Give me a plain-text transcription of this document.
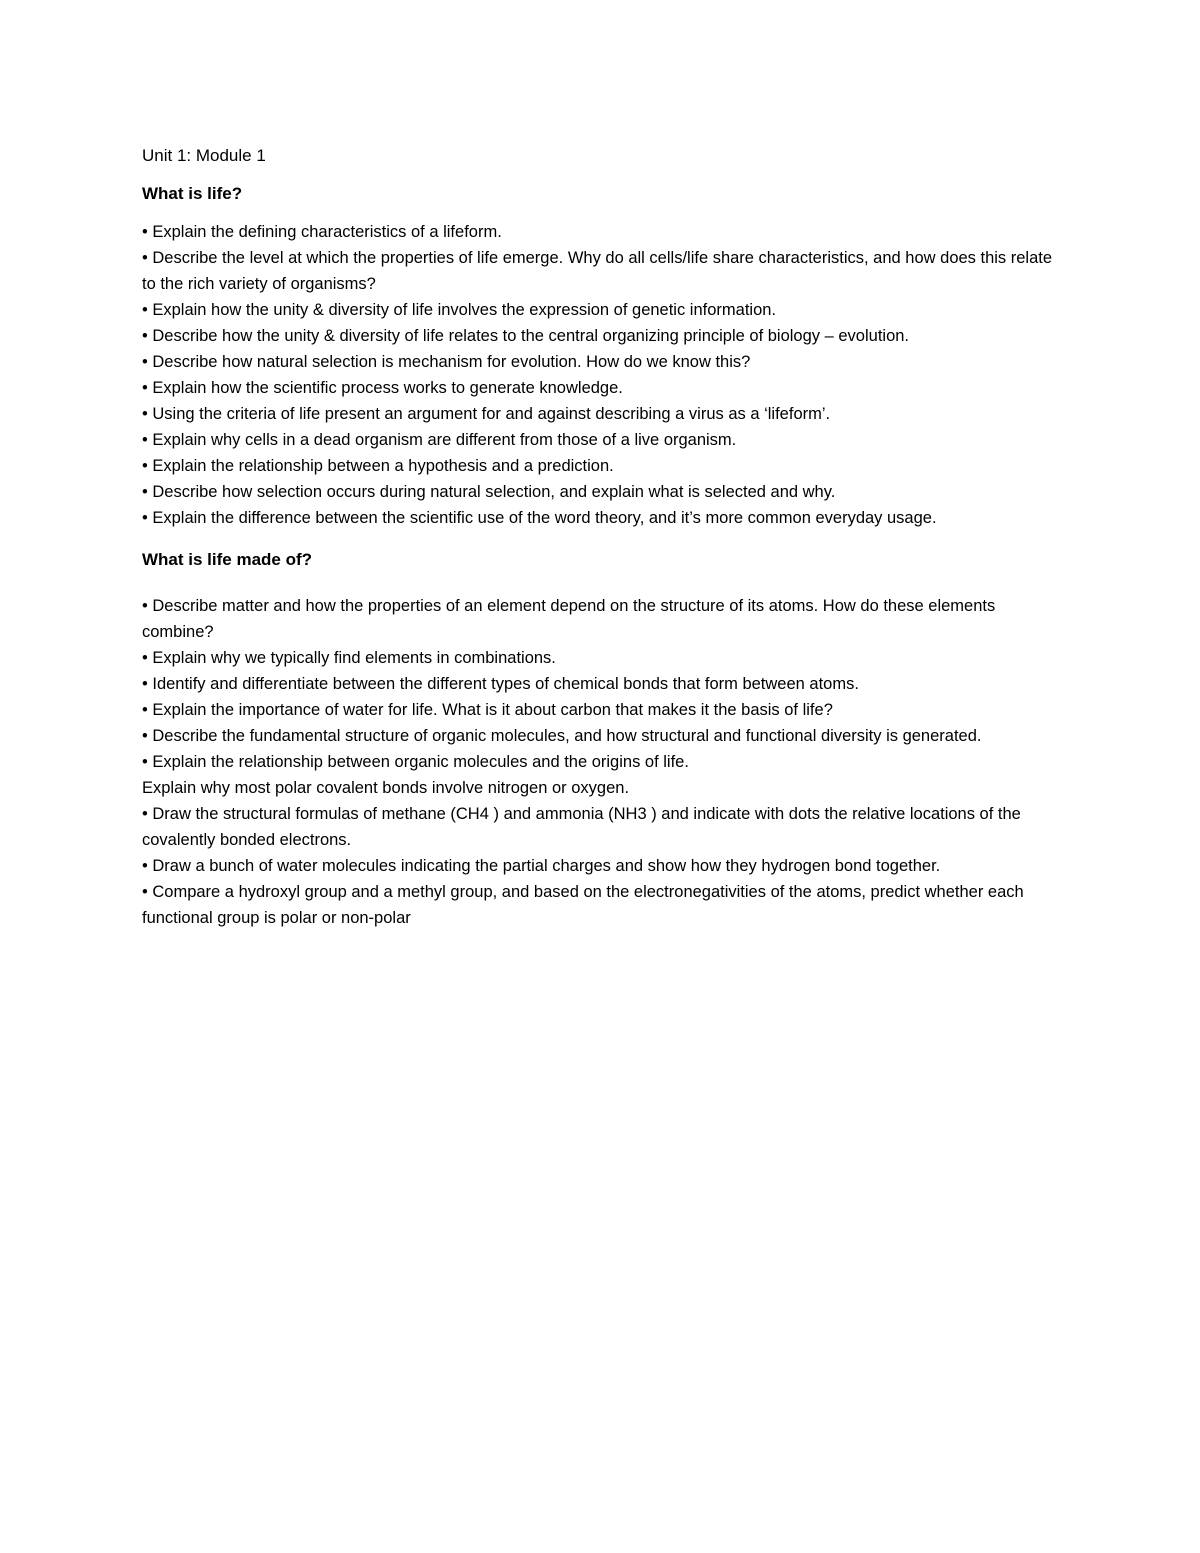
Unit 1: Module 1

What is life?
• Explain the defining characteristics of a lifeform.
• Describe the level at which the properties of life emerge. Why do all cells/life share characteristics, and how does this relate to the rich variety of organisms?
• Explain how the unity & diversity of life involves the expression of genetic information.
• Describe how the unity & diversity of life relates to the central organizing principle of biology – evolution.
• Describe how natural selection is mechanism for evolution. How do we know this?
• Explain how the scientific process works to generate knowledge.
• Using the criteria of life present an argument for and against describing a virus as a ‘lifeform’.
• Explain why cells in a dead organism are different from those of a live organism.
• Explain the relationship between a hypothesis and a prediction.
• Describe how selection occurs during natural selection, and explain what is selected and why.
• Explain the difference between the scientific use of the word theory, and it’s more common everyday usage.
What is life made of?
• Describe matter and how the properties of an element depend on the structure of its atoms. How do these elements combine?
• Explain why we typically find elements in combinations.
• Identify and differentiate between the different types of chemical bonds that form between atoms.
• Explain the importance of water for life. What is it about carbon that makes it the basis of life?
• Describe the fundamental structure of organic molecules, and how structural and functional diversity is generated.
• Explain the relationship between organic molecules and the origins of life.
Explain why most polar covalent bonds involve nitrogen or oxygen.
• Draw the structural formulas of methane (CH4 ) and ammonia (NH3 ) and indicate with dots the relative locations of the covalently bonded electrons.
• Draw a bunch of water molecules indicating the partial charges and show how they hydrogen bond together.
• Compare a hydroxyl group and a methyl group, and based on the electronegativities of the atoms, predict whether each functional group is polar or non-polar
